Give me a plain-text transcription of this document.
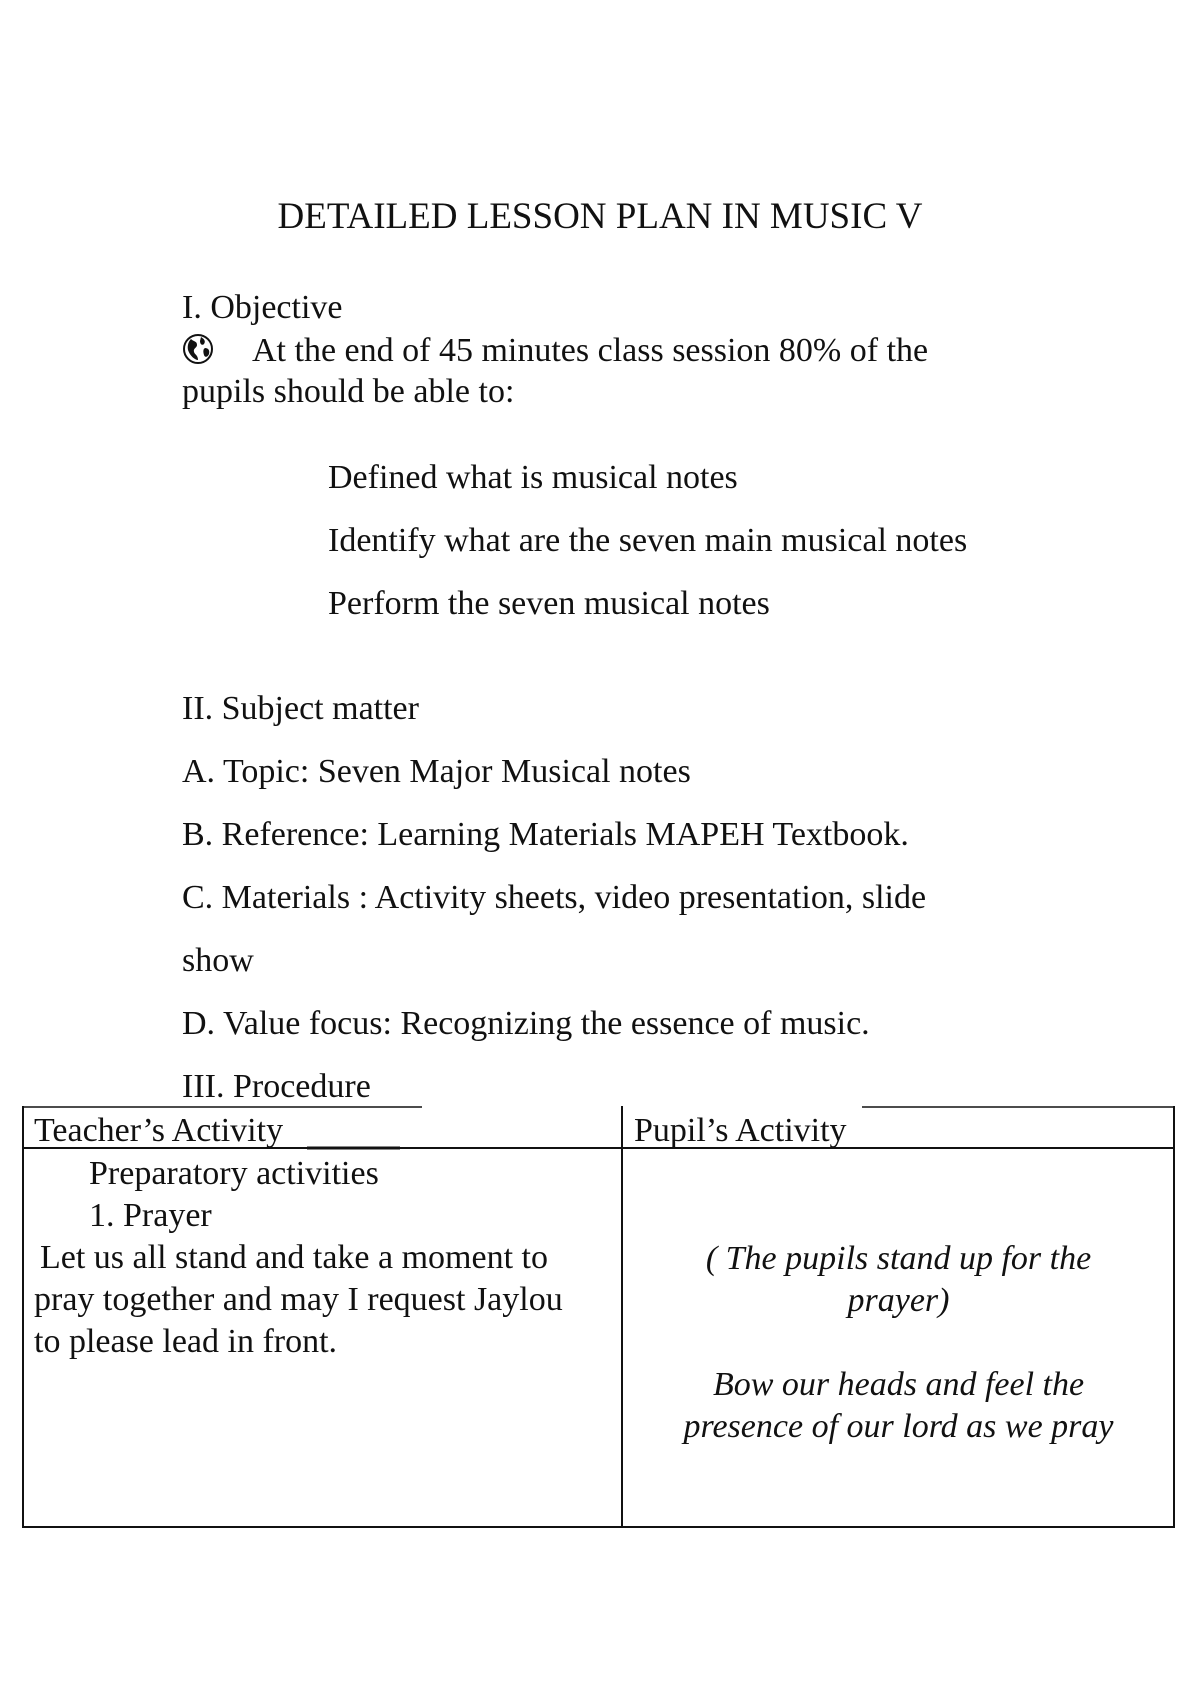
DETAILED LESSON PLAN IN MUSIC V
I. Objective
At the end of 45 minutes class session 80% of the
pupils should be able to:
Defined what is musical notes
Identify what are the seven main musical notes
Perform the seven musical notes
II. Subject matter
A. Topic: Seven Major Musical notes
B. Reference: Learning Materials MAPEH Textbook.
C. Materials : Activity sheets, video presentation, slide
show
D. Value focus: Recognizing the essence of music.
III. Procedure
Teacher’s Activity	Pupil’s Activity
Preparatory activities
1. Prayer
Let us all stand and take a moment to
pray together and may I request Jaylou
to please lead in front.
( The pupils stand up for the
prayer)
Bow our heads and feel the
presence of our lord as we pray
